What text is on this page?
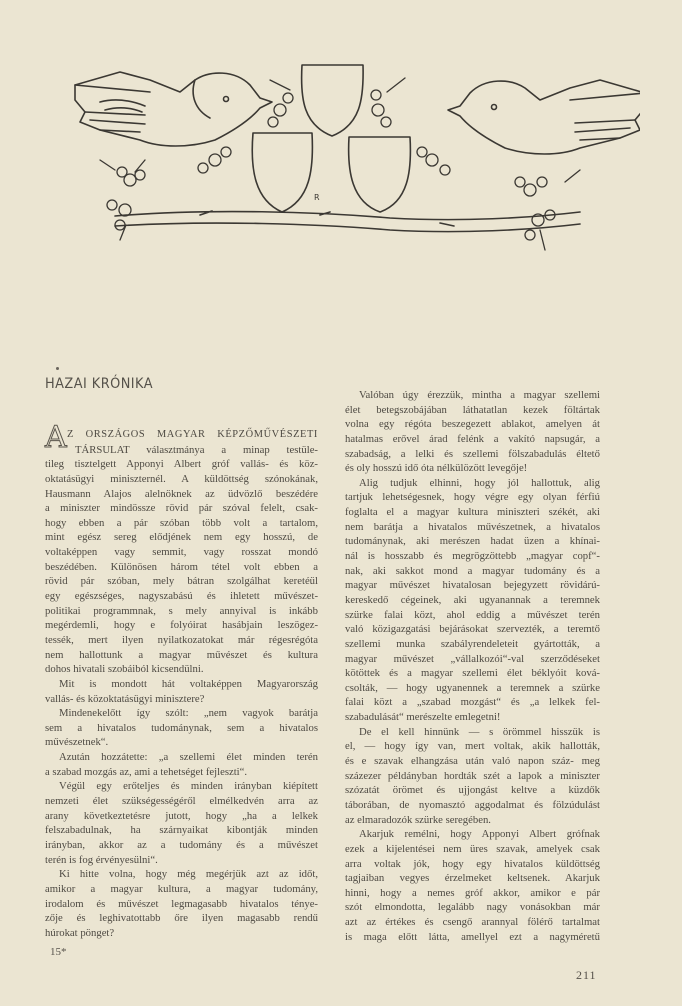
R
HAZAI KRÓNIKA
A Z ORSZÁGOS MAGYAR KÉPZŐMŰVÉSZETI
TÁRSULAT választmánya a minap testüle-
tileg tisztelgett Apponyi Albert gróf vallás- és köz-
oktatásügyi miniszternél. A küldöttség szónokának,
Hausmann Alajos alelnöknek az üdvözlő beszédére
a miniszter mindössze rövid pár szóval felelt, csak-
hogy ebben a pár szóban több volt a tartalom,
mint egész sereg elődjének nem egy hosszú, de
voltaképpen vagy semmit, vagy rosszat mondó
beszédében. Különösen három tétel volt ebben a
rövid pár szóban, mely bátran szolgálhat keretéül
egy egészséges, nagyszabású és ihletett művészet-
politikai programmnak, s mely annyival is inkább
megérdemli, hogy e folyóirat hasábjain leszögez-
tessék, mert ilyen nyilatkozatokat már régesrégóta
nem hallottunk a magyar művészet és kultura
dohos hivatali szobáiból kicsendülni.
Mit is mondott hát voltaképpen Magyarország
vallás- és közoktatásügyi minisztere?
Mindenekelőtt így szólt: „nem vagyok barátja
sem a hivatalos tudománynak, sem a hivatalos
művészetnek“.
Azután hozzátette: „a szellemi élet minden terén
a szabad mozgás az, ami a tehetséget fejleszti“.
Végül egy erőteljes és minden irányban kiépített
nemzeti élet szükségességéről elmélkedvén arra az
arany következtetésre jutott, hogy „ha a lelkek
felszabadulnak, ha szárnyaikat kibontják minden
irányban, akkor az a tudomány és a művészet
terén is fog érvényesülni“.
Ki hitte volna, hogy még megérjük azt az időt,
amikor a magyar kultura, a magyar tudomány,
irodalom és művészet legmagasabb hivatalos ténye-
zője és leghivatottabb őre ilyen magasabb rendű
húrokat pönget?
Valóban úgy érezzük, mintha a magyar szellemi
élet betegszobájában láthatatlan kezek föltártak
volna egy régóta beszegezett ablakot, amelyen át
hatalmas erővel árad felénk a vakító napsugár, a
szabadság, a lelki és szellemi fölszabadulás éltető
és oly hosszú idő óta nélkülözött levegője!
Alig tudjuk elhinni, hogy jól hallottuk, alig
tartjuk lehetségesnek, hogy végre egy olyan férfiú
foglalta el a magyar kultura miniszteri székét, aki
nem barátja a hivatalos művészetnek, a hivatalos
tudománynak, aki merészen hadat üzen a khínai-
nál is hosszabb és megrögzöttebb „magyar copf“-
nak, aki sakkot mond a magyar tudomány és a
magyar művészet hivatalosan bejegyzett rövidárú-
kereskedő cégeinek, aki ugyanannak a teremnek
szürke falai közt, ahol eddig a művészet terén
való közigazgatási bejárásokat szervezték, a teremtő
szellemi munka szabályrendeleteit gyártották, a
magyar művészet „vállalkozói“-val szerződéseket
kötöttek és a magyar szellemi élet béklyóit ková-
csolták, — hogy ugyanennek a teremnek a szürke
falai közt a „szabad mozgást“ és „a lelkek fel-
szabadulását“ merészelte emlegetni!
De el kell hinnünk — s örömmel hisszük is
el, — hogy így van, mert voltak, akik hallották,
és e szavak elhangzása után való napon száz- meg
százezer példányban hordták szét a lapok a miniszter
szózatát örömet és ujjongást keltve a küzdők
táborában, de nyomasztó aggodalmat és fölzúdulást
az elmaradozók szürke seregében.
Akarjuk remélni, hogy Apponyi Albert grófnak
ezek a kijelentései nem üres szavak, amelyek csak
arra voltak jók, hogy egy hivatalos küldöttség
tagjaiban vegyes érzelmeket keltsenek. Akarjuk
hinni, hogy a nemes gróf akkor, amikor e pár
szót elmondotta, legalább nagy vonásokban már
azt az értékes és csengő arannyal fölérő tartalmat
is maga előtt látta, amellyel ezt a nagyméretű
15*
211
